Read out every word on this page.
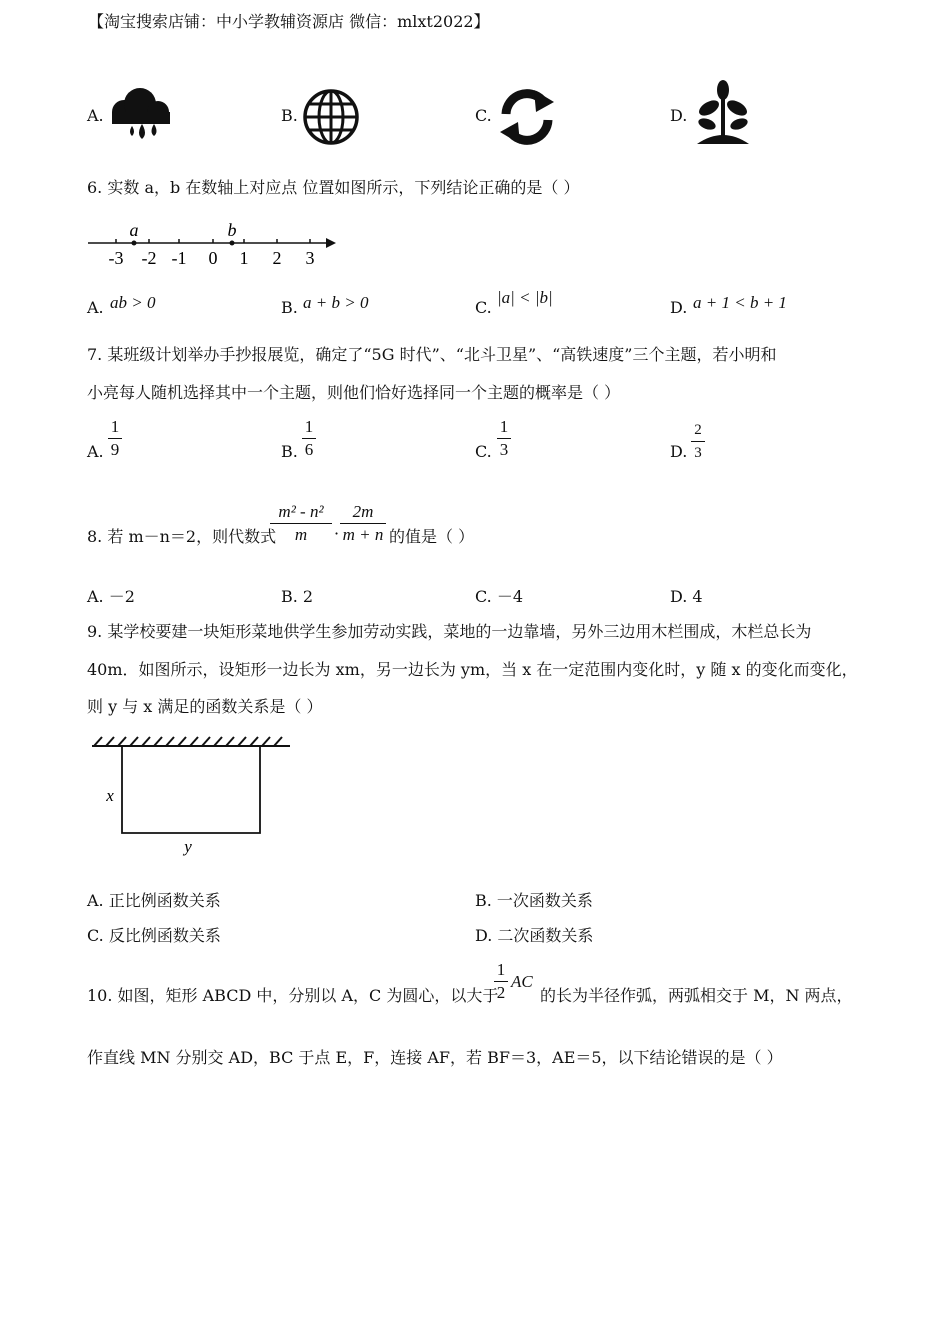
【淘宝搜索店铺：中小学教辅资源店 微信：mlxt2022】
A.	B.	C.	D.
6. 实数 a，b 在数轴上对应点 位置如图所示，下列结论正确的是（ ）
a	b
-3 -2 -1 0 1 2 3
A. ab > 0	B. a + b > 0	C.
|a| < |b|
D. a + 1 < b + 1
7. 某班级计划举办手抄报展览，确定了“5G 时代”、“北斗卫星”、“高铁速度”三个主题，若小明和
小亮每人随机选择其中一个主题，则他们恰好选择同一个主题的概率是（ ）
A.
1
9	B.
1
6	C.
1
3	D.
2
3
8. 若 m－n＝2，则代数式
m² - n²
m	·
2m
m + n 的值是（ ）
A. －2	B. 2	C. －4	D. 4
9. 某学校要建一块矩形菜地供学生参加劳动实践，菜地的一边靠墙，另外三边用木栏围成，木栏总长为
40m．如图所示，设矩形一边长为 xm，另一边长为 ym，当 x 在一定范围内变化时，y 随 x 的变化而变化，
则 y 与 x 满足的函数关系是（ ）
x
y
A. 正比例函数关系	B. 一次函数关系
C. 反比例函数关系	D. 二次函数关系
10. 如图，矩形 ABCD 中，分别以 A，C 为圆心，以大于
1
2
AC
的长为半径作弧，两弧相交于 M，N 两点，
作直线 MN 分别交 AD，BC 于点 E，F，连接 AF，若 BF＝3，AE＝5，以下结论错误的是（ ）
